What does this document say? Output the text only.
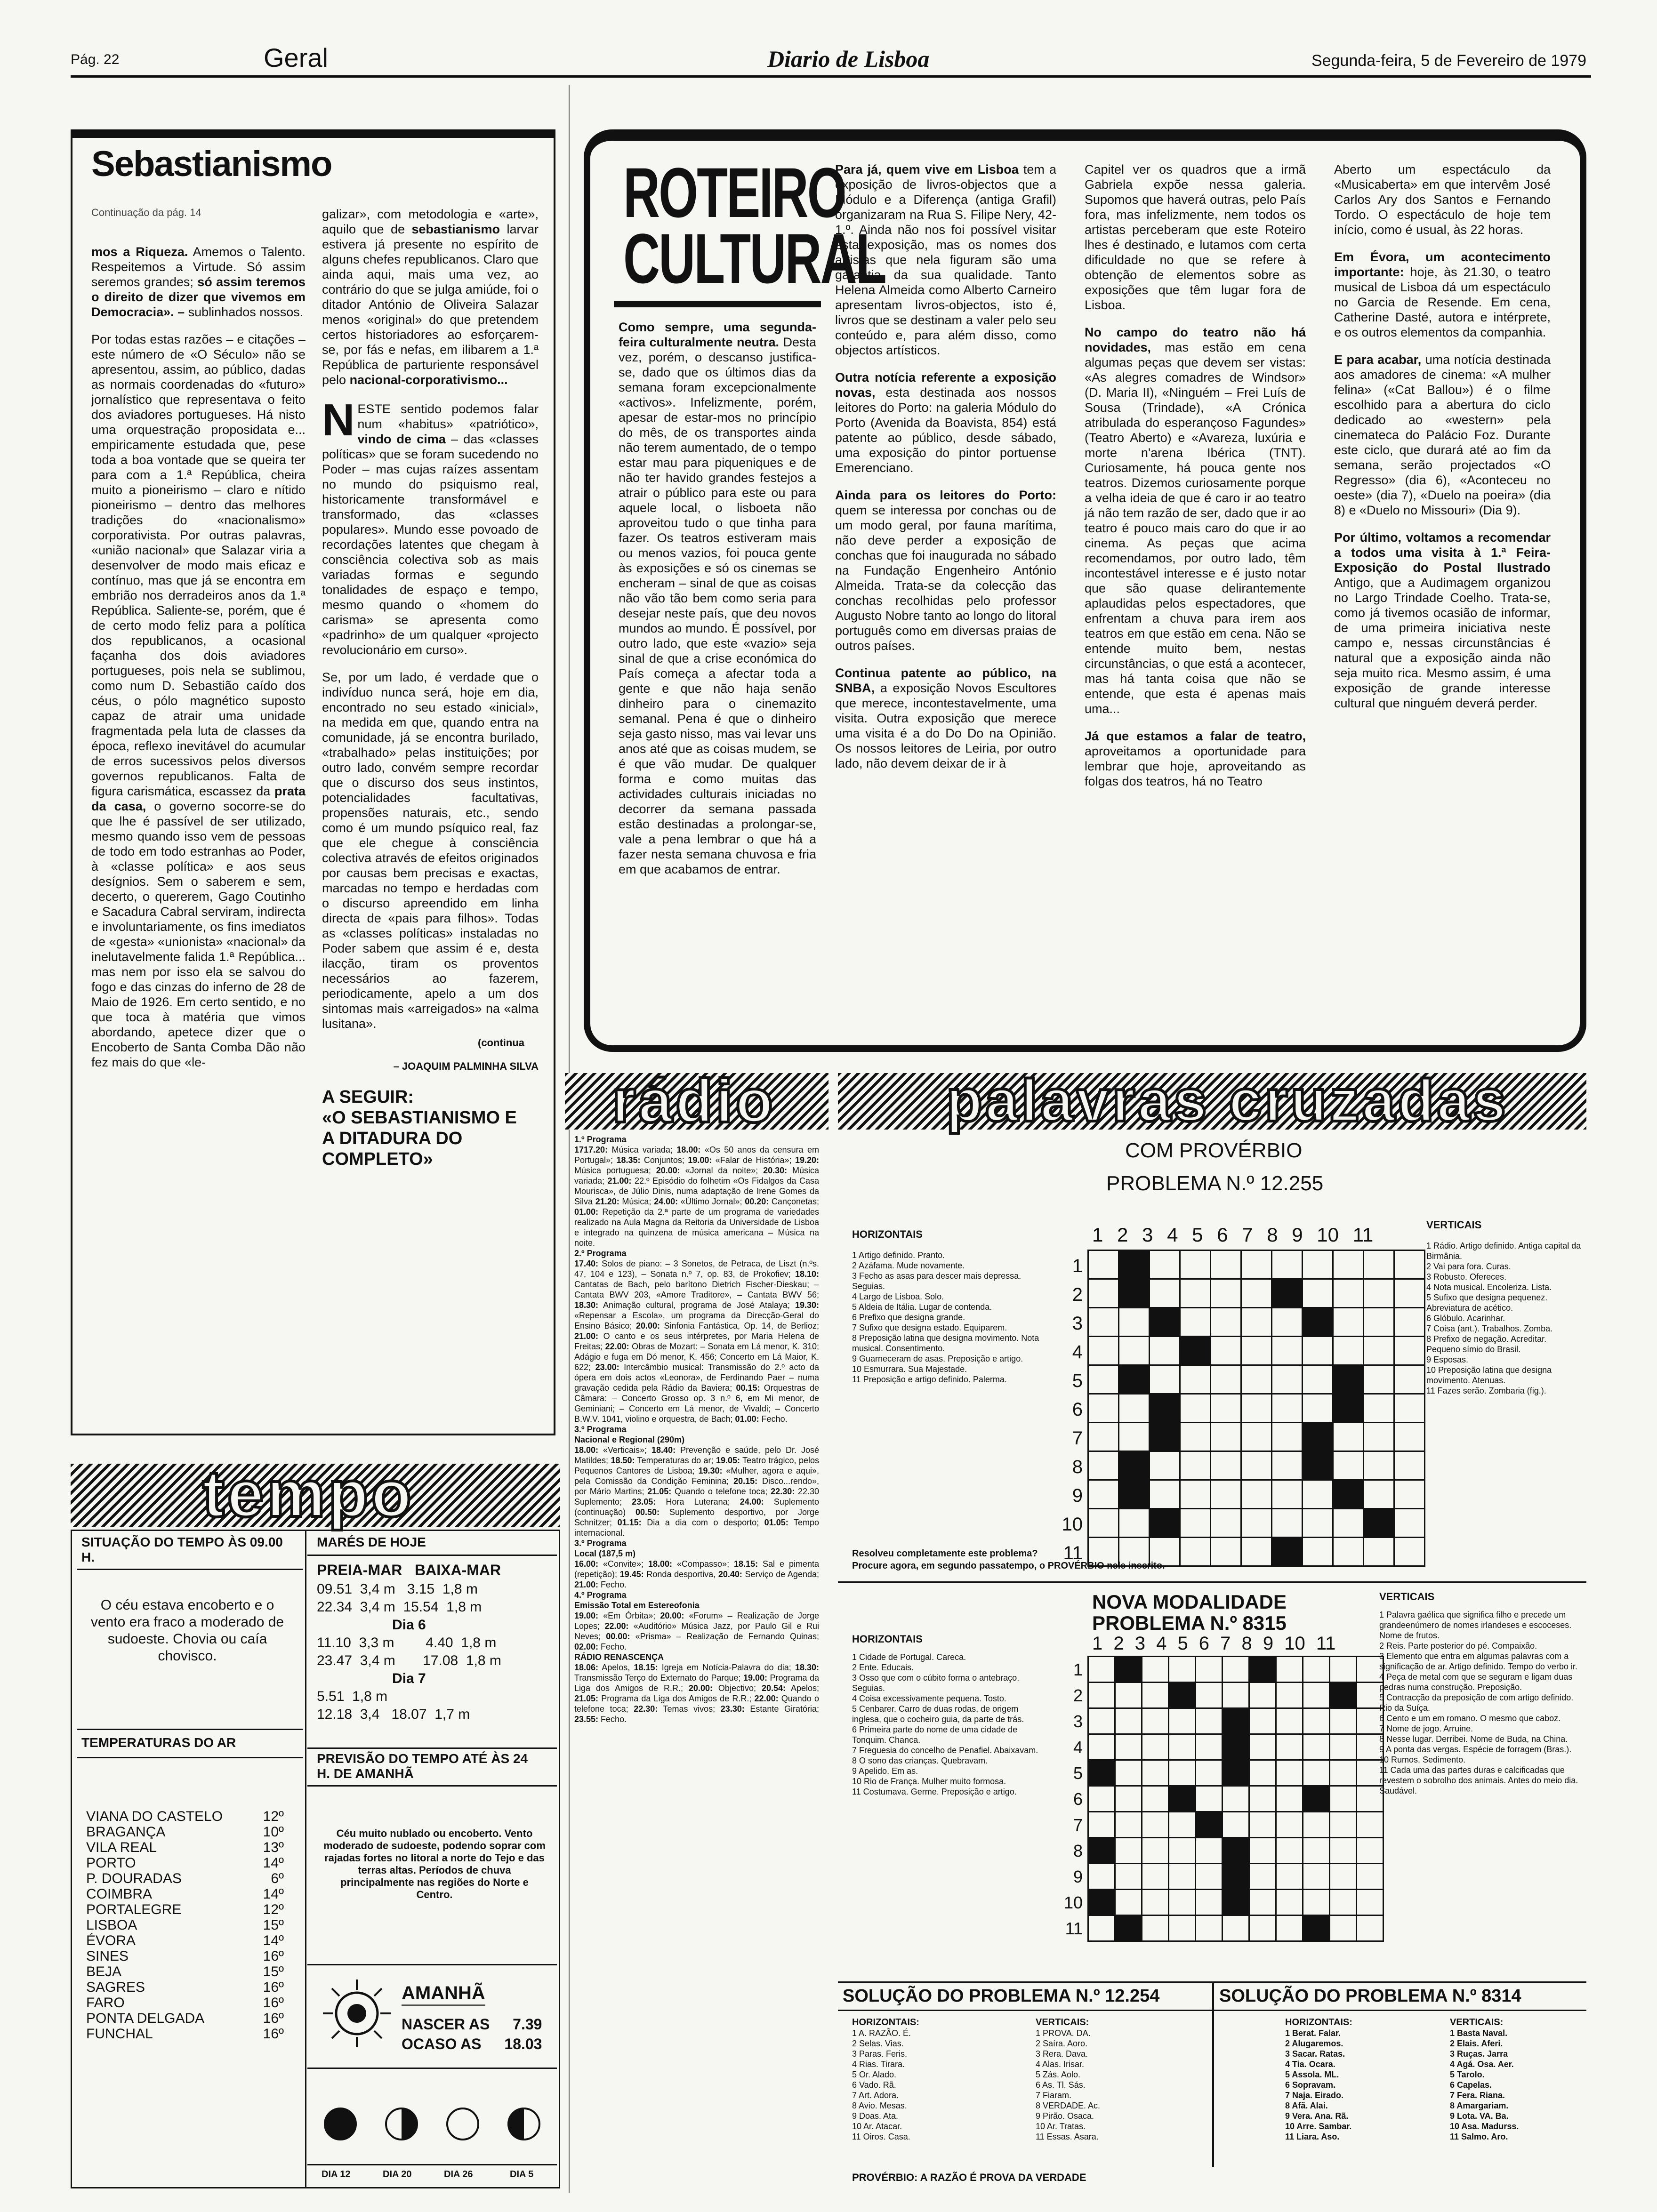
Pág. 22	Geral	Diario de Lisboa	Segunda-feira, 5 de Fevereiro de 1979
Sebastianismo
Continuação da pág. 14

mos a Riqueza. Amemos o Talento. Respeitemos a Virtude. Só assim seremos grandes; só assim teremos o direito de dizer que vivemos em Democracia». – sublinhados nossos.

Por todas estas razões – e citações – este número de «O Século» não se apresentou, assim, ao público, dadas as normais coordenadas do «futuro» jornalístico que representava o feito dos aviadores portugueses. Há nisto uma orquestração proposidata e... empiricamente estudada que, pese toda a boa vontade que se queira ter para com a 1.ª República, cheira muito a pioneirismo – claro e nítido pioneirismo – dentro das melhores tradições do «nacionalismo» corporativista. Por outras palavras, «união nacional» que Salazar viria a desenvolver de modo mais eficaz e contínuo, mas que já se encontra em embrião nos derradeiros anos da 1.ª República. Saliente-se, porém, que é de certo modo feliz para a política dos republicanos, a ocasional façanha dos dois aviadores portugueses, pois nela se sublimou, como num D. Sebastião caído dos céus, o pólo magnético suposto capaz de atrair uma unidade fragmentada pela luta de classes da época, reflexo inevitável do acumular de erros sucessivos pelos diversos governos republicanos. Falta de figura carismática, escassez da prata da casa, o governo socorre-se do que lhe é passível de ser utilizado, mesmo quando isso vem de pessoas de todo em todo estranhas ao Poder, à «classe política» e aos seus desígnios. Sem o saberem e sem, decerto, o quererem, Gago Coutinho e Sacadura Cabral serviram, indirecta e involuntariamente, os fins imediatos de «gesta» «unionista» «nacional» da inelutavelmente falida 1.ª República... mas nem por isso ela se salvou do fogo e das cinzas do inferno de 28 de Maio de 1926. Em certo sentido, e no que toca à matéria que vimos abordando, apetece dizer que o Encoberto de Santa Comba Dão não fez mais do que «le-

galizar», com metodologia e «arte», aquilo que de sebastianismo larvar estivera já presente no espírito de alguns chefes republicanos. Claro que ainda aqui, mais uma vez, ao contrário do que se julga amiúde, foi o ditador António de Oliveira Salazar menos «original» do que pretendem certos historiadores ao esforçarem-se, por fás e nefas, em ilibarem a 1.ª República de parturiente responsável pelo nacional-corporativismo...

NESTE sentido podemos falar num «habitus» «patriótico», vindo de cima – das «classes políticas» que se foram sucedendo no Poder – mas cujas raízes assentam no mundo do psiquismo real, historicamente transformável e transformado, das «classes populares». Mundo esse povoado de recordações latentes que chegam à consciência colectiva sob as mais variadas formas e segundo tonalidades de espaço e tempo, mesmo quando o «homem do carisma» se apresenta como «padrinho» de um qualquer «projecto revolucionário em curso».

Se, por um lado, é verdade que o indivíduo nunca será, hoje em dia, encontrado no seu estado «inicial», na medida em que, quando entra na comunidade, já se encontra burilado, «trabalhado» pelas instituições; por outro lado, convém sempre recordar que o discurso dos seus instintos, potencialidades facultativas, propensões naturais, etc., sendo como é um mundo psíquico real, faz que ele chegue à consciência colectiva através de efeitos originados por causas bem precisas e exactas, marcadas no tempo e herdadas com o discurso apreendido em linha directa de «pais para filhos». Todas as «classes políticas» instaladas no Poder sabem que assim é e, desta ilacção, tiram os proventos necessários ao fazerem, periodicamente, apelo a um dos sintomas mais «arreigados» na «alma lusitana».

(continua
– JOAQUIM PALMINHA SILVA
A SEGUIR:
«O SEBASTIANISMO E A DITADURA DO COMPLETO»
ROTEIRO
CULTURAL

Como sempre, uma segunda-feira culturalmente neutra. Desta vez, porém, o descanso justifica-se, dado que os últimos dias da semana foram excepcionalmente «activos». Infelizmente, porém, apesar de estar-mos no princípio do mês, de os transportes ainda não terem aumentado, de o tempo estar mau para piqueniques e de não ter havido grandes festejos a atrair o público para este ou para aquele local, o lisboeta não aproveitou tudo o que tinha para fazer. Os teatros estiveram mais ou menos vazios, foi pouca gente às exposições e só os cinemas se encheram – sinal de que as coisas não vão tão bem como seria para desejar neste país, que deu novos mundos ao mundo. É possível, por outro lado, que este «vazio» seja sinal de que a crise económica do País começa a afectar toda a gente e que não haja senão dinheiro para o cinemazito semanal. Pena é que o dinheiro seja gasto nisso, mas vai levar uns anos até que as coisas mudem, se é que vão mudar. De qualquer forma e como muitas das actividades culturais iniciadas no decorrer da semana passada estão destinadas a prolongar-se, vale a pena lembrar o que há a fazer nesta semana chuvosa e fria em que acabamos de entrar.

Para já, quem vive em Lisboa tem a exposição de livros-objectos que a Módulo e a Diferença (antiga Grafil) organizaram na Rua S. Filipe Nery, 42-1.º. Ainda não nos foi possível visitar esta exposição, mas os nomes dos artistas que nela figuram são uma garantia da sua qualidade. Tanto Helena Almeida como Alberto Carneiro apresentam livros-objectos, isto é, livros que se destinam a valer pelo seu conteúdo e, para além disso, como objectos artísticos.

Outra notícia referente a exposição novas, esta destinada aos nossos leitores do Porto: na galeria Módulo do Porto (Avenida da Boavista, 854) está patente ao público, desde sábado, uma exposição do pintor portuense Emerenciano.

Ainda para os leitores do Porto: quem se interessa por conchas ou de um modo geral, por fauna marítima, não deve perder a exposição de conchas que foi inaugurada no sábado na Fundação Engenheiro António Almeida. Trata-se da colecção das conchas recolhidas pelo professor Augusto Nobre tanto ao longo do litoral português como em diversas praias de outros países.

Continua patente ao público, na SNBA, a exposição Novos Escultores que merece, incontestavelmente, uma visita. Outra exposição que merece uma visita é a do Do Do na Opinião. Os nossos leitores de Leiria, por outro lado, não devem deixar de ir à

Capitel ver os quadros que a irmã Gabriela expõe nessa galeria. Supomos que haverá outras, pelo País fora, mas infelizmente, nem todos os artistas perceberam que este Roteiro lhes é destinado, e lutamos com certa dificuldade no que se refere à obtenção de elementos sobre as exposições que têm lugar fora de Lisboa.

No campo do teatro não há novidades, mas estão em cena algumas peças que devem ser vistas: «As alegres comadres de Windsor» (D. Maria II), «Ninguém – Frei Luís de Sousa (Trindade), «A Crónica atribulada do esperançoso Fagundes» (Teatro Aberto) e «Avareza, luxúria e morte n'arena Ibérica (TNT). Curiosamente, há pouca gente nos teatros. Dizemos curiosamente porque a velha ideia de que é caro ir ao teatro já não tem razão de ser, dado que ir ao teatro é pouco mais caro do que ir ao cinema. As peças que acima recomendamos, por outro lado, têm incontestável interesse e é justo notar que são quase delirantemente aplaudidas pelos espectadores, que enfrentam a chuva para irem aos teatros em que estão em cena. Não se entende muito bem, nestas circunstâncias, o que está a acontecer, mas há tanta coisa que não se entende, que esta é apenas mais uma...

Já que estamos a falar de teatro, aproveitamos a oportunidade para lembrar que hoje, aproveitando as folgas dos teatros, há no Teatro

Aberto um espectáculo da «Musicaberta» em que intervêm José Carlos Ary dos Santos e Fernando Tordo. O espectáculo de hoje tem início, como é usual, às 22 horas.

Em Évora, um acontecimento importante: hoje, às 21.30, o teatro musical de Lisboa dá um espectáculo no Garcia de Resende. Em cena, Catherine Dasté, autora e intérprete, e os outros elementos da companhia.

E para acabar, uma notícia destinada aos amadores de cinema: «A mulher felina» («Cat Ballou») é o filme escolhido para a abertura do ciclo dedicado ao «western» pela cinemateca do Palácio Foz. Durante este ciclo, que durará até ao fim da semana, serão projectados «O Regresso» (dia 6), «Aconteceu no oeste» (dia 7), «Duelo na poeira» (dia 8) e «Duelo no Missouri» (Dia 9).

Por último, voltamos a recomendar a todos uma visita à 1.ª Feira-Exposição do Postal Ilustrado Antigo, que a Audimagem organizou no Largo Trindade Coelho. Trata-se, como já tivemos ocasião de informar, de uma primeira iniciativa neste campo e, nessas circunstâncias é natural que a exposição ainda não seja muito rica. Mesmo assim, é uma exposição de grande interesse cultural que ninguém deverá perder.

rádio
1.º Programa
1717.20: Música variada; 18.00: «Os 50 anos da censura em Portugal»; 18.35: Conjuntos; 19.00: «Falar de História»; 19.20: Música portuguesa; 20.00: «Jornal da noite»; 20.30: Música variada; 21.00: 22.º Episódio do folhetim «Os Fidalgos da Casa Mourisca», de Júlio Dinis, numa adaptação de Irene Gomes da Silva 21.20: Música; 24.00: «Último Jornal»; 00.20: Cançonetas; 01.00: Repetição da 2.ª parte de um programa de variedades realizado na Aula Magna da Reitoria da Universidade de Lisboa e integrado na quinzena de música americana – Música na noite.
2.º Programa
17.40: Solos de piano: – 3 Sonetos, de Petraca, de Liszt (n.ºs. 47, 104 e 123), – Sonata n.º 7, op. 83, de Prokofiev; 18.10: Cantatas de Bach, pelo barítono Dietrich Fischer-Dieskau; – Cantata BWV 203, «Amore Traditore», – Cantata BWV 56; 18.30: Animação cultural, programa de José Atalaya; 19.30: «Repensar a Escola», um programa da Direcção-Geral do Ensino Básico; 20.00: Sinfonia Fantástica, Op. 14, de Berlioz; 21.00: O canto e os seus intérpretes, por Maria Helena de Freitas; 22.00: Obras de Mozart: – Sonata em Lá menor, K. 310; Adágio e fuga em Dó menor, K. 456; Concerto em Lá Maior, K. 622; 23.00: Intercâmbio musical: Transmissão do 2.º acto da ópera em dois actos «Leonora», de Ferdinando Paer – numa gravação cedida pela Rádio da Baviera; 00.15: Orquestras de Câmara: – Concerto Grosso op. 3 n.º 6, em Mi menor, de Geminiani; – Concerto em Lá menor, de Vivaldi; – Concerto B.W.V. 1041, violino e orquestra, de Bach; 01.00: Fecho.
3.º Programa
Nacional e Regional (290m)
18.00: «Verticais»; 18.40: Prevenção e saúde, pelo Dr. José Matildes; 18.50: Temperaturas do ar; 19.05: Teatro trágico, pelos Pequenos Cantores de Lisboa; 19.30: «Mulher, agora e aqui», pela Comissão da Condição Feminina; 20.15: Disco...rendo», por Mário Martins; 21.05: Quando o telefone toca; 22.30: 22.30 Suplemento; 23.05: Hora Luterana; 24.00: Suplemento (continuação) 00.50: Suplemento desportivo, por Jorge Schnitzer; 01.15: Dia a dia com o desporto; 01.05: Tempo internacional.
3.º Programa
Local (187,5 m)
16.00: «Convite»; 18.00: «Compasso»; 18.15: Sal e pimenta (repetição); 19.45: Ronda desportiva, 20.40: Serviço de Agenda; 21.00: Fecho.
4.º Programa
Emissão Total em Estereofonia
19.00: «Em Órbita»; 20.00: «Forum» – Realização de Jorge Lopes; 22.00: «Auditório» Música Jazz, por Paulo Gil e Rui Neves; 00.00: «Prisma» – Realização de Fernando Quinas; 02.00: Fecho.
RÁDIO RENASCENÇA
18.06: Apelos, 18.15: Igreja em Notícia-Palavra do dia; 18.30: Transmissão Terço do Externato do Parque; 19.00: Programa da Liga dos Amigos de R.R.; 20.00: Objectivo; 20.54: Apelos; 21.05: Programa da Liga dos Amigos de R.R.; 22.00: Quando o telefone toca; 22.30: Temas vivos; 23.30: Estante Giratória; 23.55: Fecho.
palavras cruzadas
COM PROVÉRBIO
PROBLEMA N.º 12.255
1 2 3 4 5 6 7 8 9 10 11
1
2
3
4
5
6
7
8
9
10
11

HORIZONTAIS

1 Artigo definido. Pranto.

2 Azáfama. Mude novamente.

3 Fecho as asas para descer mais depressa. Seguias.

4 Largo de Lisboa. Solo.

5 Aldeia de Itália. Lugar de contenda.

6 Prefixo que designa grande.

7 Sufixo que designa estado. Equiparem.

8 Preposição latina que designa movimento. Nota musical. Consentimento.

9 Guarneceram de asas. Preposição e artigo.

10 Esmurrara. Sua Majestade.

11 Preposição e artigo definido. Palerma.

VERTICAIS

1 Rádio. Artigo definido. Antiga capital da Birmânia.

2 Vai para fora. Curas.

3 Robusto. Ofereces.

4 Nota musical. Encoleriza. Lista.

5 Sufixo que designa pequenez. Abreviatura de acético.

6 Glóbulo. Acarinhar.

7 Coisa (ant.). Trabalhos. Zomba.

8 Prefixo de negação. Acreditar. Pequeno símio do Brasil.

9 Esposas.

10 Preposição latina que designa movimento. Atenuas.

11 Fazes serão. Zombaria (fig.).

Resolveu completamente este problema?
Procure agora, em segundo passatempo, o PROVÉRBIO nele inscrito.
NOVA MODALIDADE
PROBLEMA N.º 8315
1 2 3 4 5 6 7 8 9 10 11
1
2
3
4
5
6
7
8
9
10
11

HORIZONTAIS

1 Cidade de Portugal. Careca.

2 Ente. Educais.

3 Osso que com o cúbito forma o antebraço. Seguias.

4 Coisa excessivamente pequena. Tosto.

5 Cenbarer. Carro de duas rodas, de origem inglesa, que o cocheiro guia, da parte de trás.

6 Primeira parte do nome de uma cidade de Tonquim. Chanca.

7 Freguesia do concelho de Penafiel. Abaixavam.

8 O sono das crianças. Quebravam.

9 Apelido. Em as.

10 Rio de França. Mulher muito formosa.

11 Costumava. Germe. Preposição e artigo.

VERTICAIS

1 Palavra gaélica que significa filho e precede um grandeenúmero de nomes irlandeses e escoceses. Nome de frutos.

2 Reis. Parte posterior do pé. Compaixão.

3 Elemento que entra em algumas palavras com a significação de ar. Artigo definido. Tempo do verbo ir.

4 Peça de metal com que se seguram e ligam duas pedras numa construção. Preposição.

5 Contracção da preposição de com artigo definido. Rio da Suíça.

6 Cento e um em romano. O mesmo que caboz.

7 Nome de jogo. Arruine.

8 Nesse lugar. Derribei. Nome de Buda, na China.

9 A ponta das vergas. Espécie de forragem (Bras.).

10 Rumos. Sedimento.

11 Cada uma das partes duras e calcificadas que revestem o sobrolho dos animais. Antes do meio dia. Saudável.

SOLUÇÃO DO PROBLEMA N.º 12.254	SOLUÇÃO DO PROBLEMA N.º 8314
HORIZONTAIS:

1 A. RAZÃO. É.

2 Selas. Vias.

3 Paras. Feris.

4 Rias. Tirara.

5 Or. Alado.

6 Vado. Rã.

7 Art. Adora.

8 Avio. Mesas.

9 Doas. Ata.

10 Ar. Atacar.

11 Oiros. Casa.

VERTICAIS:

1 PROVA. DA.

2 Saíra. Aoro.

3 Rera. Dava.

4 Alas. Irisar.

5 Zás. Aolo.

6 As. Tl. Sás.

7 Fiaram.

8 VERDADE. Ac.

9 Pirão. Osaca.

10 Ar. Tratas.

11 Essas. Asara.

HORIZONTAIS:

1 Berat. Falar.

2 Alugaremos.

3 Sacar. Ratas.

4 Tia. Ocara.

5 Assola. ML.

6 Sopravam.

7 Naja. Eirado.

8 Afã. Alai.

9 Vera. Ana. Rã.

10 Arre. Sambar.

11 Liara. Aso.

VERTICAIS:

1 Basta Naval.

2 Elais. Aferi.

3 Ruças. Jarra

4 Agá. Osa. Aer.

5 Tarolo.

6 Capelas.

7 Fera. Riana.

8 Amargariam.

9 Lota. VA. Ba.

10 Asa. Madurss.

11 Salmo. Aro.

PROVÉRBIO: A RAZÃO É PROVA DA VERDADE
tempo
SITUAÇÃO DO TEMPO ÀS 09.00 H.
O céu estava encoberto e o vento era fraco a moderado de sudoeste. Chovia ou caía chovisco.
TEMPERATURAS DO AR
VIANA DO CASTELO	12º
BRAGANÇA	10º
VILA REAL	13º
PORTO	14º
P. DOURADAS	6º
COIMBRA	14º
PORTALEGRE	12º
LISBOA	15º
ÉVORA	14º
SINES	16º
BEJA	15º
SAGRES	16º
FARO	16º
PONTA DELGADA	16º
FUNCHAL	16º
MARÉS DE HOJE
PREIA-MAR   BAIXA-MAR
09.51  3,4 m   3.15  1,8 m
22.34  3,4 m  15.54  1,8 m
Dia 6
11.10  3,3 m        4.40  1,8 m
23.47  3,4 m       17.08  1,8 m
Dia 7
5.51  1,8 m
12.18  3,4   18.07  1,7 m
PREVISÃO DO TEMPO ATÉ ÀS 24 H. DE AMANHÃ
Céu muito nublado ou encoberto. Vento moderado de sudoeste, podendo soprar com rajadas fortes no litoral a norte do Tejo e das terras altas. Períodos de chuva principalmente nas regiões do Norte e Centro.
AMANHÃ
NASCER AS 7.39
OCASO AS 18.03
DIA 12	DIA 20	DIA 26	DIA 5
